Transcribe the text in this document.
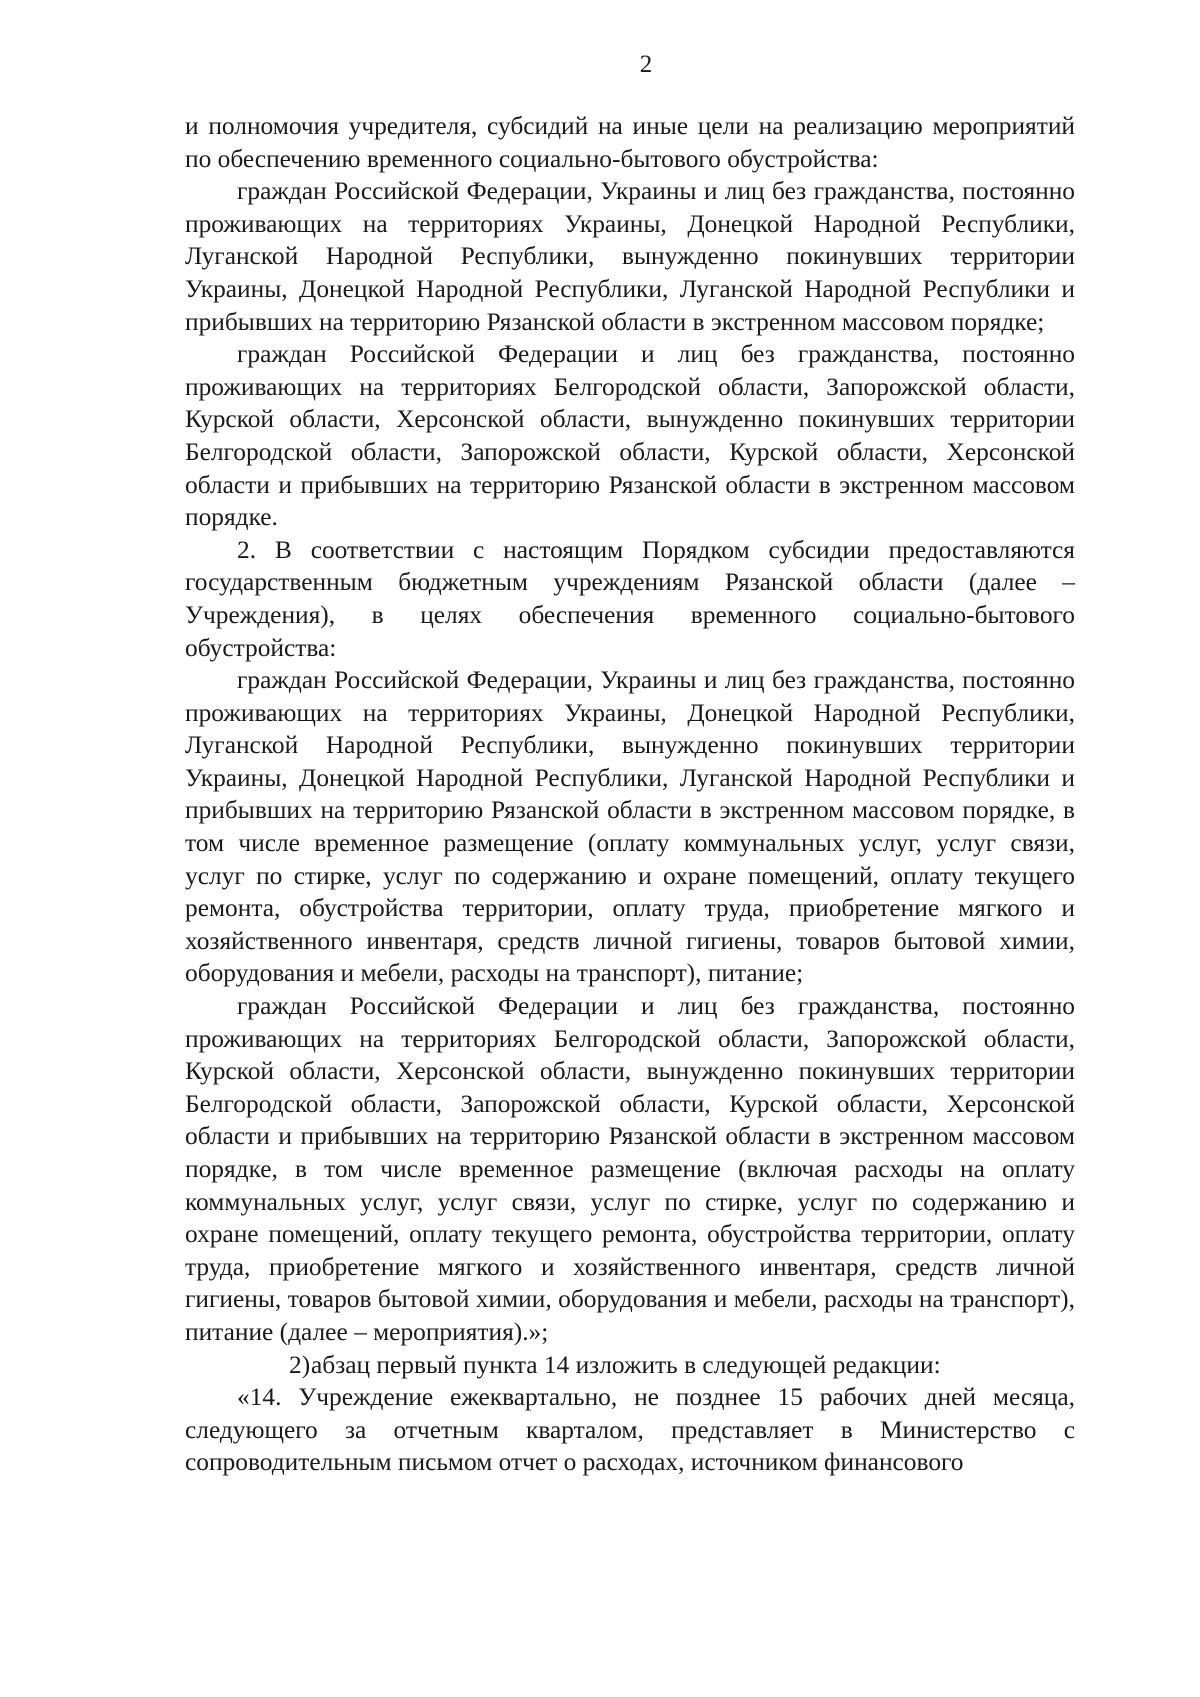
2

и полномочия учредителя, субсидий на иные цели на реализацию мероприятий по обеспечению временного социально-бытового обустройства:

граждан Российской Федерации, Украины и лиц без гражданства, постоянно проживающих на территориях Украины, Донецкой Народной Республики, Луганской Народной Республики, вынужденно покинувших территории Украины, Донецкой Народной Республики, Луганской Народной Республики и прибывших на территорию Рязанской области в экстренном массовом порядке;

граждан Российской Федерации и лиц без гражданства, постоянно проживающих на территориях Белгородской области, Запорожской области, Курской области, Херсонской области, вынужденно покинувших территории Белгородской области, Запорожской области, Курской области, Херсонской области и прибывших на территорию Рязанской области в экстренном массовом порядке.

2. В соответствии с настоящим Порядком субсидии предоставляются государственным бюджетным учреждениям Рязанской области (далее – Учреждения), в целях обеспечения временного социально-бытового обустройства:

граждан Российской Федерации, Украины и лиц без гражданства, постоянно проживающих на территориях Украины, Донецкой Народной Республики, Луганской Народной Республики, вынужденно покинувших территории Украины, Донецкой Народной Республики, Луганской Народной Республики и прибывших на территорию Рязанской области в экстренном массовом порядке, в том числе временное размещение (оплату коммунальных услуг, услуг связи, услуг по стирке, услуг по содержанию и охране помещений, оплату текущего ремонта, обустройства территории, оплату труда, приобретение мягкого и хозяйственного инвентаря, средств личной гигиены, товаров бытовой химии, оборудования и мебели, расходы на транспорт), питание;

граждан Российской Федерации и лиц без гражданства, постоянно проживающих на территориях Белгородской области, Запорожской области, Курской области, Херсонской области, вынужденно покинувших территории Белгородской области, Запорожской области, Курской области, Херсонской области и прибывших на территорию Рязанской области в экстренном массовом порядке, в том числе временное размещение (включая расходы на оплату коммунальных услуг, услуг связи, услуг по стирке, услуг по содержанию и охране помещений, оплату текущего ремонта, обустройства территории, оплату труда, приобретение мягкого и хозяйственного инвентаря, средств личной гигиены, товаров бытовой химии, оборудования и мебели, расходы на транспорт), питание (далее – мероприятия).»;

2)абзац первый пункта 14 изложить в следующей редакции:

«14. Учреждение ежеквартально, не позднее 15 рабочих дней месяца, следующего за отчетным кварталом, представляет в Министерство с сопроводительным письмом отчет о расходах, источником финансового
